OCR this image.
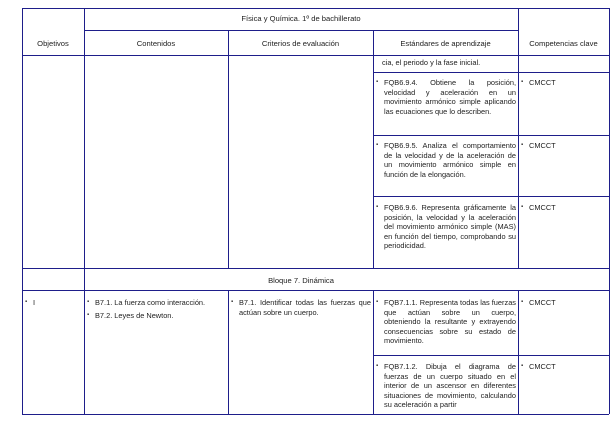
Física y Química. 1º de bachillerato
Objetivos	Contenidos	Criterios de evaluación	Estándares de aprendizaje	Competencias clave
cia, el periodo y la fase inicial.
▪ FQB6.9.4. Obtiene la posición, velocidad y aceleración en un movimiento armónico simple aplicando las ecuaciones que lo describen.
▪ CMCCT
▪ FQB6.9.5. Analiza el comportamiento de la velocidad y de la aceleración de un movimiento armónico simple en función de la elongación.
▪ CMCCT
▪ FQB6.9.6. Representa gráficamente la posición, la velocidad y la aceleración del movimiento armónico simple (MAS) en función del tiempo, comprobando su periodicidad.
▪ CMCCT
Bloque 7. Dinámica
▪ I
▪	B7.1. La fuerza como interacción.
▪ B7.2. Leyes de Newton.
▪ B7.1. Identificar todas las fuerzas que actúan sobre un cuerpo.
▪ FQB7.1.1. Representa todas las fuerzas que actúan sobre un cuerpo, obteniendo la resultante y extrayendo consecuencias sobre su estado de movimiento.
▪ CMCCT
▪ FQB7.1.2. Dibuja el diagrama de fuerzas de un cuerpo situado en el interior de un ascensor en diferentes situaciones de movimiento, calculando su aceleración a partir
▪ CMCCT
